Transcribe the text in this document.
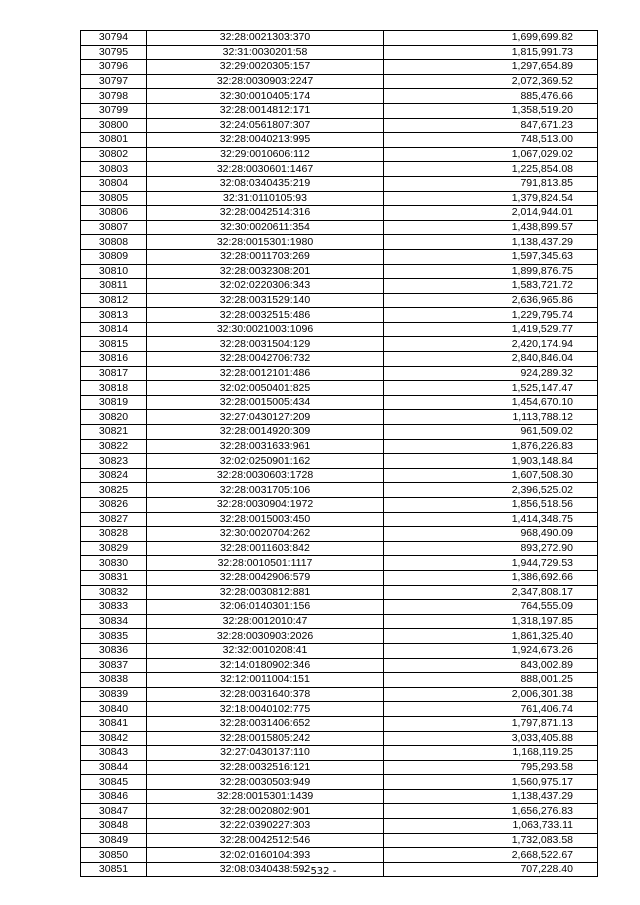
30794	32:28:0021303:370	1,699,699.82
30795	32:31:0030201:58	1,815,991.73
30796	32:29:0020305:157	1,297,654.89
30797	32:28:0030903:2247	2,072,369.52
30798	32:30:0010405:174	885,476.66
30799	32:28:0014812:171	1,358,519.20
30800	32:24:0561807:307	847,671.23
30801	32:28:0040213:995	748,513.00
30802	32:29:0010606:112	1,067,029.02
30803	32:28:0030601:1467	1,225,854.08
30804	32:08:0340435:219	791,813.85
30805	32:31:0110105:93	1,379,824.54
30806	32:28:0042514:316	2,014,944.01
30807	32:30:0020611:354	1,438,899.57
30808	32:28:0015301:1980	1,138,437.29
30809	32:28:0011703:269	1,597,345.63
30810	32:28:0032308:201	1,899,876.75
30811	32:02:0220306:343	1,583,721.72
30812	32:28:0031529:140	2,636,965.86
30813	32:28:0032515:486	1,229,795.74
30814	32:30:0021003:1096	1,419,529.77
30815	32:28:0031504:129	2,420,174.94
30816	32:28:0042706:732	2,840,846.04
30817	32:28:0012101:486	924,289.32
30818	32:02:0050401:825	1,525,147.47
30819	32:28:0015005:434	1,454,670.10
30820	32:27:0430127:209	1,113,788.12
30821	32:28:0014920:309	961,509.02
30822	32:28:0031633:961	1,876,226.83
30823	32:02:0250901:162	1,903,148.84
30824	32:28:0030603:1728	1,607,508.30
30825	32:28:0031705:106	2,396,525.02
30826	32:28:0030904:1972	1,856,518.56
30827	32:28:0015003:450	1,414,348.75
30828	32:30:0020704:262	968,490.09
30829	32:28:0011603:842	893,272.90
30830	32:28:0010501:1117	1,944,729.53
30831	32:28:0042906:579	1,386,692.66
30832	32:28:0030812:881	2,347,808.17
30833	32:06:0140301:156	764,555.09
30834	32:28:0012010:47	1,318,197.85
30835	32:28:0030903:2026	1,861,325.40
30836	32:32:0010208:41	1,924,673.26
30837	32:14:0180902:346	843,002.89
30838	32:12:0011004:151	888,001.25
30839	32:28:0031640:378	2,006,301.38
30840	32:18:0040102:775	761,406.74
30841	32:28:0031406:652	1,797,871.13
30842	32:28:0015805:242	3,033,405.88
30843	32:27:0430137:110	1,168,119.25
30844	32:28:0032516:121	795,293.58
30845	32:28:0030503:949	1,560,975.17
30846	32:28:0015301:1439	1,138,437.29
30847	32:28:0020802:901	1,656,276.83
30848	32:22:0390227:303	1,063,733.11
30849	32:28:0042512:546	1,732,083.58
30850	32:02:0160104:393	2,668,522.67
30851	32:08:0340438:592	707,228.40
- 532 -
